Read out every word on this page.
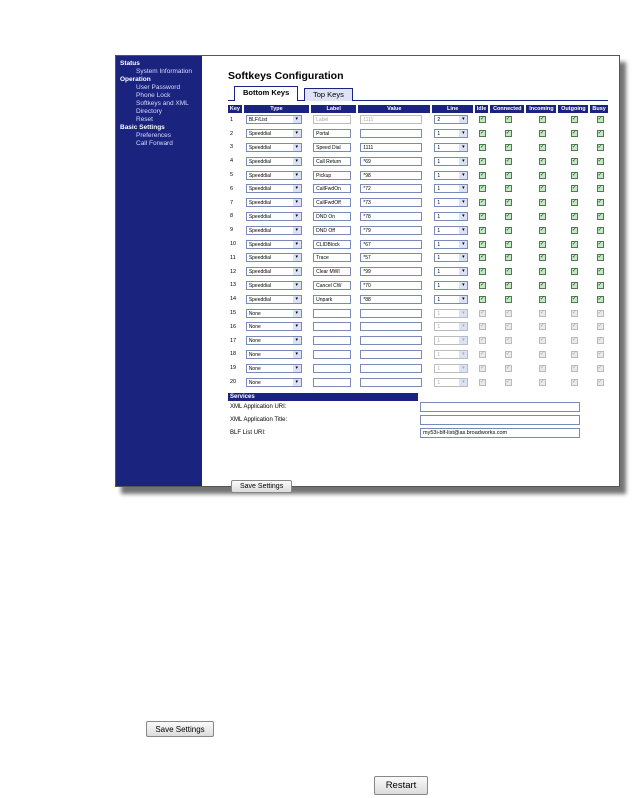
Status
System Information
Operation
User Password
Phone Lock
Softkeys and XML
Directory
Reset
Basic Settings
Preferences
Call Forward
Softkeys Configuration
Bottom Keys	Top Keys
Key	Type	Label	Value	Line	Idle	Connected	Incoming	Outgoing	Busy
1	BLF/List ▾	Label	1111	2 ▾	✓	✓	✓	✓	✓

2	Speeddial ▾	Portal		1 ▾	✓	✓	✓	✓	✓

3	Speeddial ▾	Speed Dial	1111	1 ▾	✓	✓	✓	✓	✓

4	Speeddial ▾	Call Return	*69	1 ▾	✓	✓	✓	✓	✓

5	Speeddial ▾	Pickup	*98	1 ▾	✓	✓	✓	✓	✓

6	Speeddial ▾	CallFwdOn	*72	1 ▾	✓	✓	✓	✓	✓

7	Speeddial ▾	CallFwdOff	*73	1 ▾	✓	✓	✓	✓	✓

8	Speeddial ▾	DND On	*78	1 ▾	✓	✓	✓	✓	✓

9	Speeddial ▾	DND Off	*79	1 ▾	✓	✓	✓	✓	✓

10	Speeddial ▾	CLIDBlock	*67	1 ▾	✓	✓	✓	✓	✓

11	Speeddial ▾	Trace	*57	1 ▾	✓	✓	✓	✓	✓

12	Speeddial ▾	Clear MWI	*99	1 ▾	✓	✓	✓	✓	✓

13	Speeddial ▾	Cancel CW	*70	1 ▾	✓	✓	✓	✓	✓

14	Speeddial ▾	Unpark	*88	1 ▾	✓	✓	✓	✓	✓

15	None ▾			1 ▾	✓	✓	✓	✓	✓

16	None ▾			1 ▾	✓	✓	✓	✓	✓

17	None ▾			1 ▾	✓	✓	✓	✓	✓

18	None ▾			1 ▾	✓	✓	✓	✓	✓

19	None ▾			1 ▾	✓	✓	✓	✓	✓

20	None ▾			1 ▾	✓	✓	✓	✓	✓
Services
XML Application URI:
XML Application Title:
BLF List URI:	my53i-blf-list@as.broadworks.com
Save Settings
Save Settings
Restart
